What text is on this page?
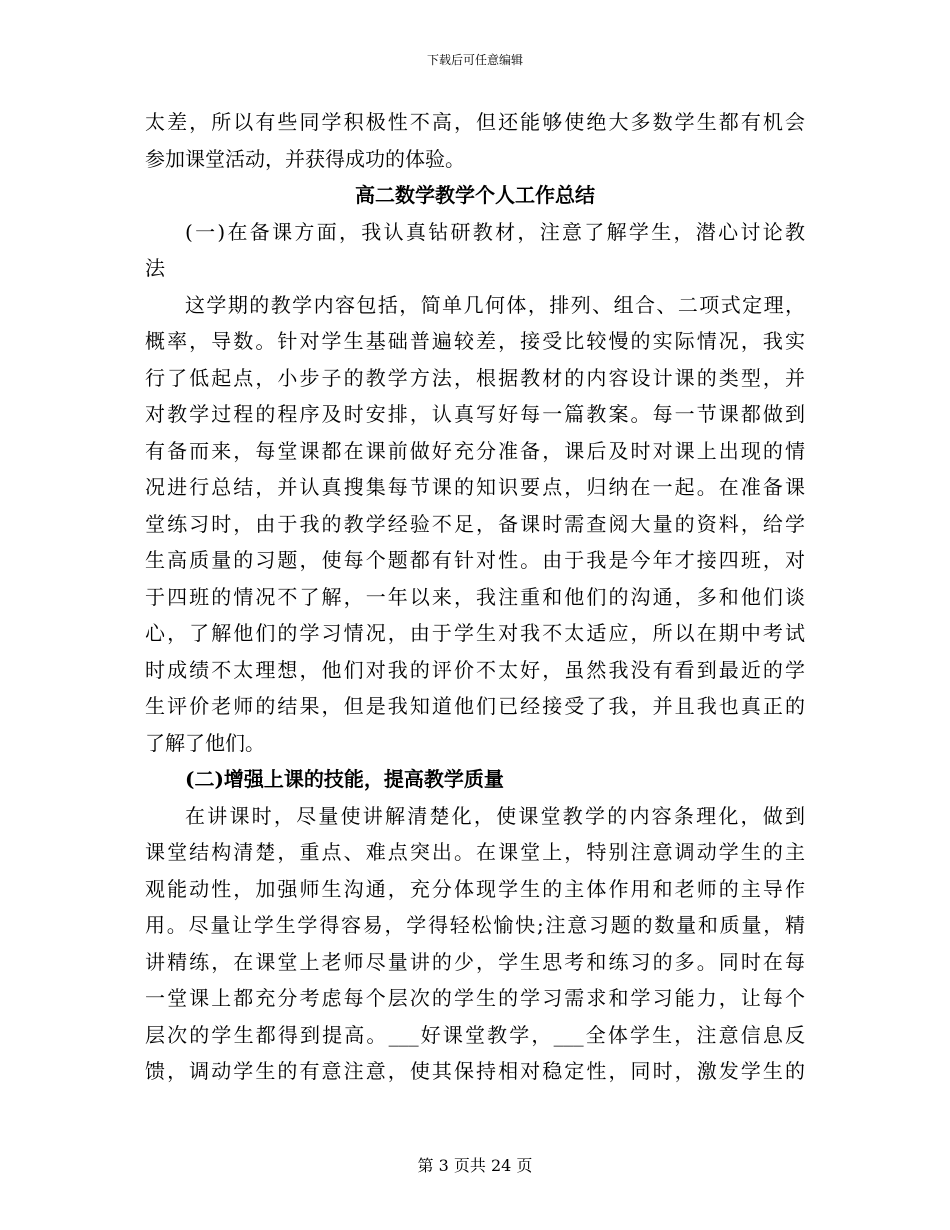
下载后可任意编辑
太差，所以有些同学积极性不高，但还能够使绝大多数学生都有机会
参加课堂活动，并获得成功的体验。
高二数学教学个人工作总结
(一)在备课方面，我认真钻研教材，注意了解学生，潜心讨论教
法
这学期的教学内容包括，简单几何体，排列、组合、二项式定理，
概率，导数。针对学生基础普遍较差，接受比较慢的实际情况，我实
行了低起点，小步子的教学方法，根据教材的内容设计课的类型，并
对教学过程的程序及时安排，认真写好每一篇教案。每一节课都做到
有备而来，每堂课都在课前做好充分准备，课后及时对课上出现的情
况进行总结，并认真搜集每节课的知识要点，归纳在一起。在准备课
堂练习时，由于我的教学经验不足，备课时需查阅大量的资料，给学
生高质量的习题，使每个题都有针对性。由于我是今年才接四班，对
于四班的情况不了解，一年以来，我注重和他们的沟通，多和他们谈
心，了解他们的学习情况，由于学生对我不太适应，所以在期中考试
时成绩不太理想，他们对我的评价不太好，虽然我没有看到最近的学
生评价老师的结果，但是我知道他们已经接受了我，并且我也真正的
了解了他们。
(二)增强上课的技能，提高教学质量
在讲课时，尽量使讲解清楚化，使课堂教学的内容条理化，做到
课堂结构清楚，重点、难点突出。在课堂上，特别注意调动学生的主
观能动性，加强师生沟通，充分体现学生的主体作用和老师的主导作
用。尽量让学生学得容易，学得轻松愉快;注意习题的数量和质量，精
讲精练，在课堂上老师尽量讲的少，学生思考和练习的多。同时在每
一堂课上都充分考虑每个层次的学生的学习需求和学习能力，让每个
层次的学生都得到提高。___好课堂教学，___全体学生，注意信息反
馈，调动学生的有意注意，使其保持相对稳定性，同时，激发学生的
第 3 页共 24 页
